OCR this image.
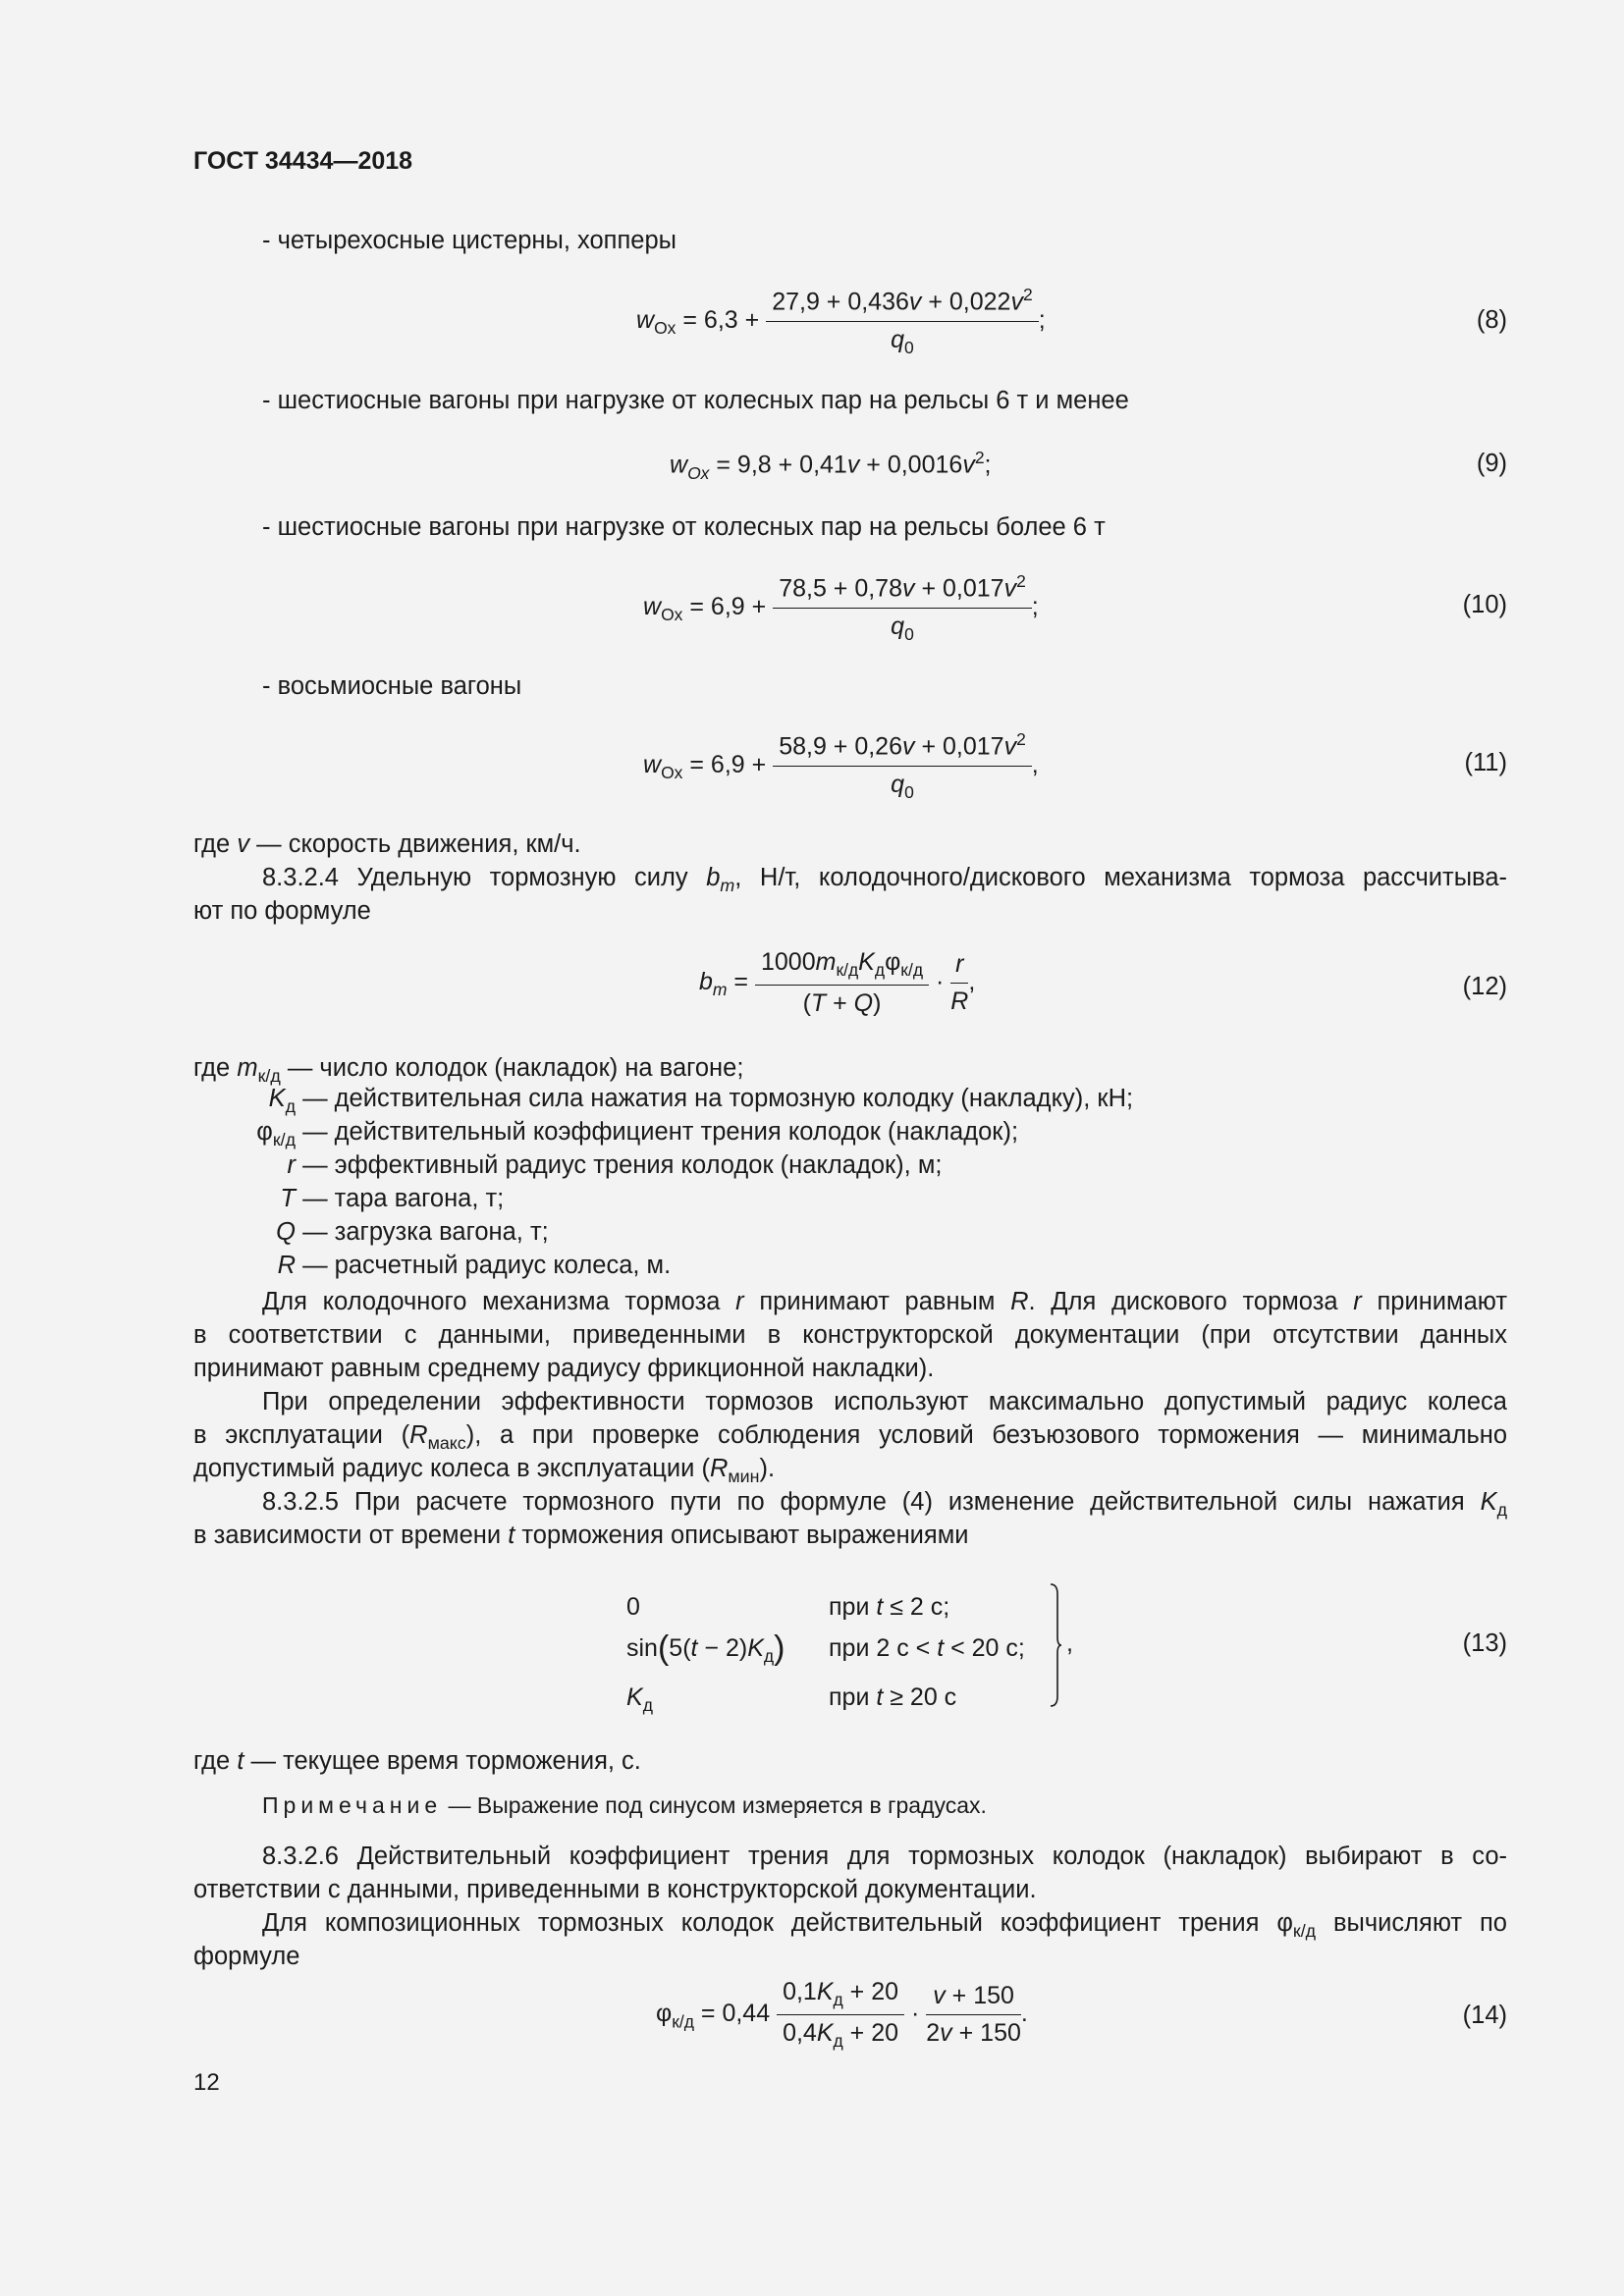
ГОСТ 34434—2018
- четырехосные цистерны, хопперы
$w_{Ox} = 6,3 + \frac{27,9 + 0,436v + 0,022v^2}{q_0}$ ;	(8)
- шестиосные вагоны при нагрузке от колесных пар на рельсы 6 т и менее
$w_{Ox} = 9,8 + 0,41v + 0,0016v^2$;	(9)
- шестиосные вагоны при нагрузке от колесных пар на рельсы более 6 т
$w_{Ox} = 6,9 + \frac{78,5 + 0,78v + 0,017v^2}{q_0}$ ;	(10)
- восьмиосные вагоны
$w_{Ox} = 6,9 + \frac{58,9 + 0,26v + 0,017v^2}{q_0}$ ,	(11)
где v — скорость движения, км/ч.
8.3.2.4 Удельную тормозную силу $b_m$, Н/т, колодочного/дискового механизма тормоза рассчитыва-
ют по формуле
$b_m$ =
$1000m_{к/д}K_д\varphi_{к/д}$
(T + Q)
· $\frac{r}{R}$ ,	(12)
где $m_{к/д}$ — число колодок (накладок) на вагоне;
$K_д$ — действительная сила нажатия на тормозную колодку (накладку), кН;
$\varphi_{к/д}$ — действительный коэффициент трения колодок (накладок);
r — эффективный радиус трения колодок (накладок), м;
T — тара вагона, т;
Q — загрузка вагона, т;
R — расчетный радиус колеса, м.
Для колодочного механизма тормоза r принимают равным R. Для дискового тормоза r принимают
в соответствии с данными, приведенными в конструкторской документации (при отсутствии данных
принимают равным среднему радиусу фрикционной накладки).
При определении эффективности тормозов используют максимально допустимый радиус колеса
в эксплуатации $(R_{макс})$, а при проверке соблюдения условий безъюзового торможения — минимально
допустимый радиус колеса в эксплуатации $(R_{мин})$.
8.3.2.5 При расчете тормозного пути по формуле (4) изменение действительной силы нажатия $K_д$
в зависимости от времени t торможения описывают выражениями
0	при t ≤ 2 с;
$\sin(5(t - 2)K_д)$ при 2 с < t < 20 с;
$K_д$	при t ≥ 20 с
,	(13)
где t — текущее время торможения, с.
Примечание — Выражение под синусом измеряется в градусах.
8.3.2.6 Действительный коэффициент трения для тормозных колодок (накладок) выбирают в со-
ответствии с данными, приведенными в конструкторской документации.
Для композиционных тормозных колодок действительный коэффициент трения $\varphi_{к/д}$ вычисляют по
формуле
$\varphi_{к/д} = 0,44$
$0,1K_д + 20$
$0,4K_д + 20$
· $\frac{v + 150}{2v + 150}$ .	(14)
12
